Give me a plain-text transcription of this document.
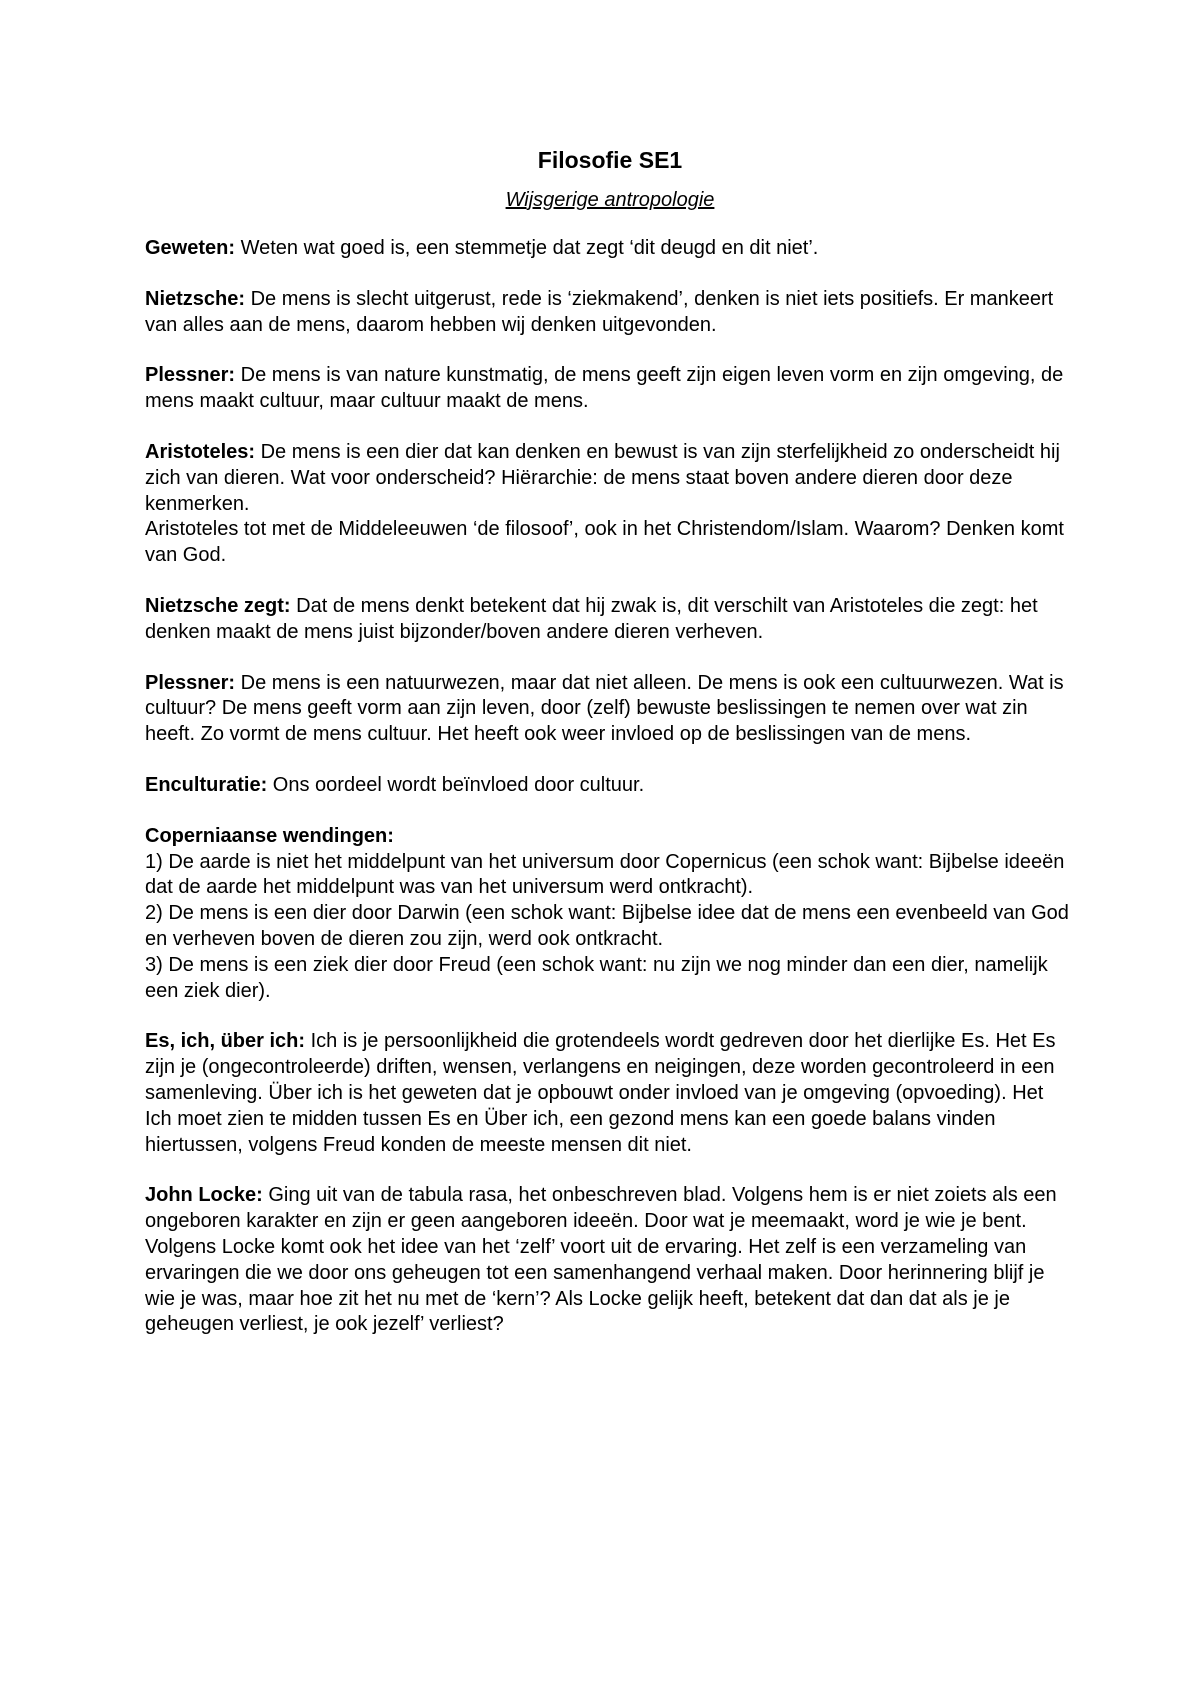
Filosofie SE1

Wijsgerige antropologie

Geweten: Weten wat goed is, een stemmetje dat zegt ‘dit deugd en dit niet’.

Nietzsche: De mens is slecht uitgerust, rede is ‘ziekmakend’, denken is niet iets positiefs. Er mankeert van alles aan de mens, daarom hebben wij denken uitgevonden.

Plessner: De mens is van nature kunstmatig, de mens geeft zijn eigen leven vorm en zijn omgeving, de mens maakt cultuur, maar cultuur maakt de mens.

Aristoteles: De mens is een dier dat kan denken en bewust is van zijn sterfelijkheid zo onderscheidt hij zich van dieren. Wat voor onderscheid? Hiërarchie: de mens staat boven andere dieren door deze kenmerken.

Aristoteles tot met de Middeleeuwen ‘de filosoof’, ook in het Christendom/Islam. Waarom? Denken komt van God.

Nietzsche zegt: Dat de mens denkt betekent dat hij zwak is, dit verschilt van Aristoteles die zegt: het denken maakt de mens juist bijzonder/boven andere dieren verheven.

Plessner: De mens is een natuurwezen, maar dat niet alleen. De mens is ook een cultuurwezen. Wat is cultuur? De mens geeft vorm aan zijn leven, door (zelf) bewuste beslissingen te nemen over wat zin heeft. Zo vormt de mens cultuur. Het heeft ook weer invloed op de beslissingen van de mens.

Enculturatie: Ons oordeel wordt beïnvloed door cultuur.

Coperniaanse wendingen:

1) De aarde is niet het middelpunt van het universum door Copernicus (een schok want: Bijbelse ideeën dat de aarde het middelpunt was van het universum werd ontkracht).

2) De mens is een dier door Darwin (een schok want: Bijbelse idee dat de mens een evenbeeld van God en verheven boven de dieren zou zijn, werd ook ontkracht.

3) De mens is een ziek dier door Freud (een schok want: nu zijn we nog minder dan een dier, namelijk een ziek dier).

Es, ich, über ich: Ich is je persoonlijkheid die grotendeels wordt gedreven door het dierlijke Es. Het Es zijn je (ongecontroleerde) driften, wensen, verlangens en neigingen, deze worden gecontroleerd in een samenleving. Über ich is het geweten dat je opbouwt onder invloed van je omgeving (opvoeding). Het Ich moet zien te midden tussen Es en Über ich, een gezond mens kan een goede balans vinden hiertussen, volgens Freud konden de meeste mensen dit niet.

John Locke: Ging uit van de tabula rasa, het onbeschreven blad. Volgens hem is er niet zoiets als een ongeboren karakter en zijn er geen aangeboren ideeën. Door wat je meemaakt, word je wie je bent. Volgens Locke komt ook het idee van het ‘zelf’ voort uit de ervaring. Het zelf is een verzameling van ervaringen die we door ons geheugen tot een samenhangend verhaal maken. Door herinnering blijf je wie je was, maar hoe zit het nu met de ‘kern’? Als Locke gelijk heeft, betekent dat dan dat als je je geheugen verliest, je ook jezelf’ verliest?
